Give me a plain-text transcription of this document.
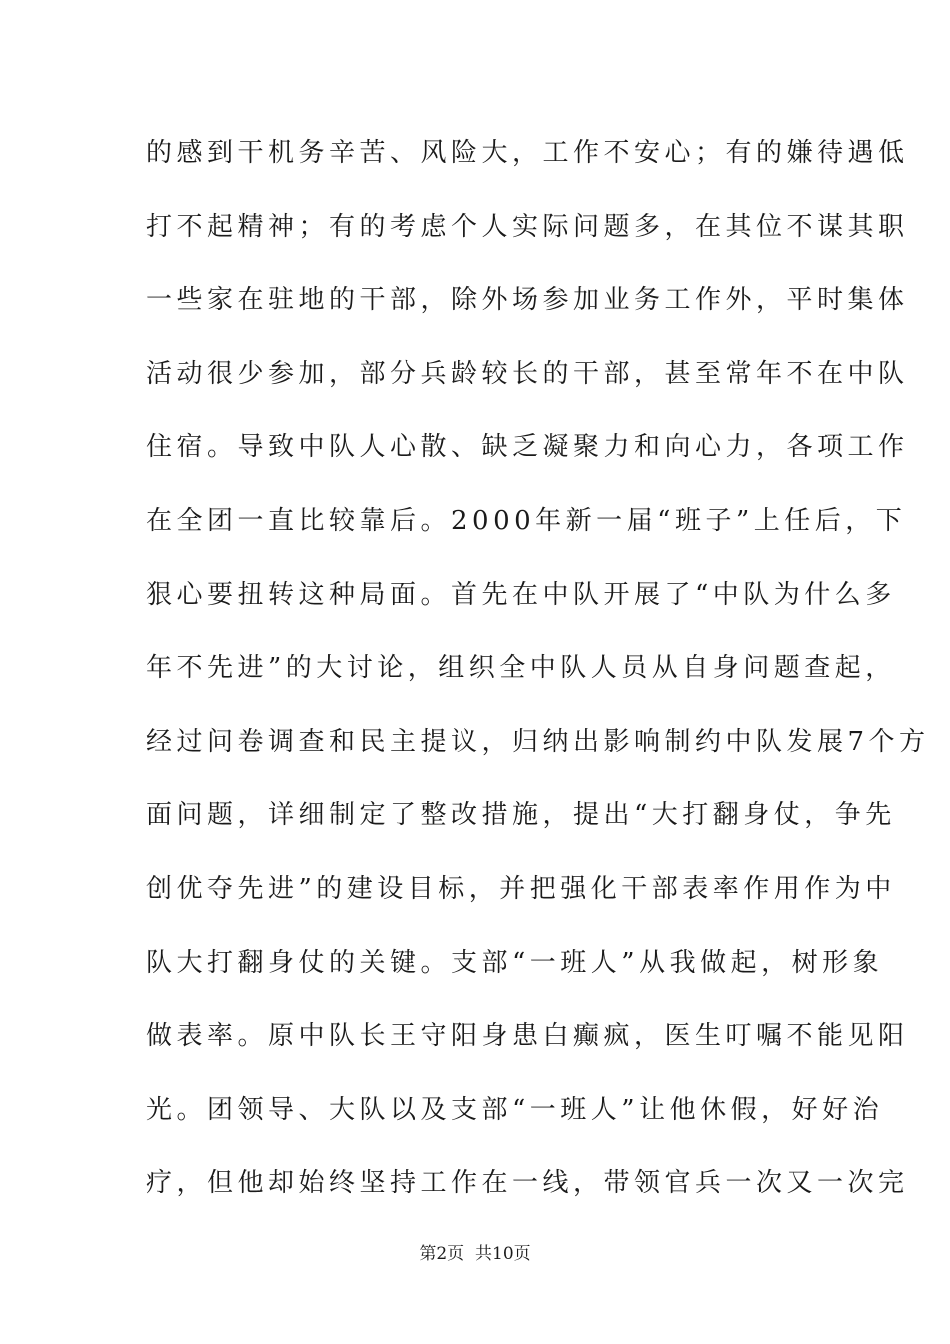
的感到干机务辛苦、风险大，工作不安心；有的嫌待遇低
打不起精神；有的考虑个人实际问题多，在其位不谋其职
一些家在驻地的干部，除外场参加业务工作外，平时集体
活动很少参加，部分兵龄较长的干部，甚至常年不在中队
住宿。导致中队人心散、缺乏凝聚力和向心力，各项工作
在全团一直比较靠后。2000年新一届“班子”上任后，下
狠心要扭转这种局面。首先在中队开展了“中队为什么多
年不先进”的大讨论，组织全中队人员从自身问题查起，
经过问卷调查和民主提议，归纳出影响制约中队发展7个方
面问题，详细制定了整改措施，提出“大打翻身仗，争先
创优夺先进”的建设目标，并把强化干部表率作用作为中
队大打翻身仗的关键。支部“一班人”从我做起，树形象
做表率。原中队长王守阳身患白癫疯，医生叮嘱不能见阳
光。团领导、大队以及支部“一班人”让他休假，好好治
疗，但他却始终坚持工作在一线，带领官兵一次又一次完
第2页 共10页
